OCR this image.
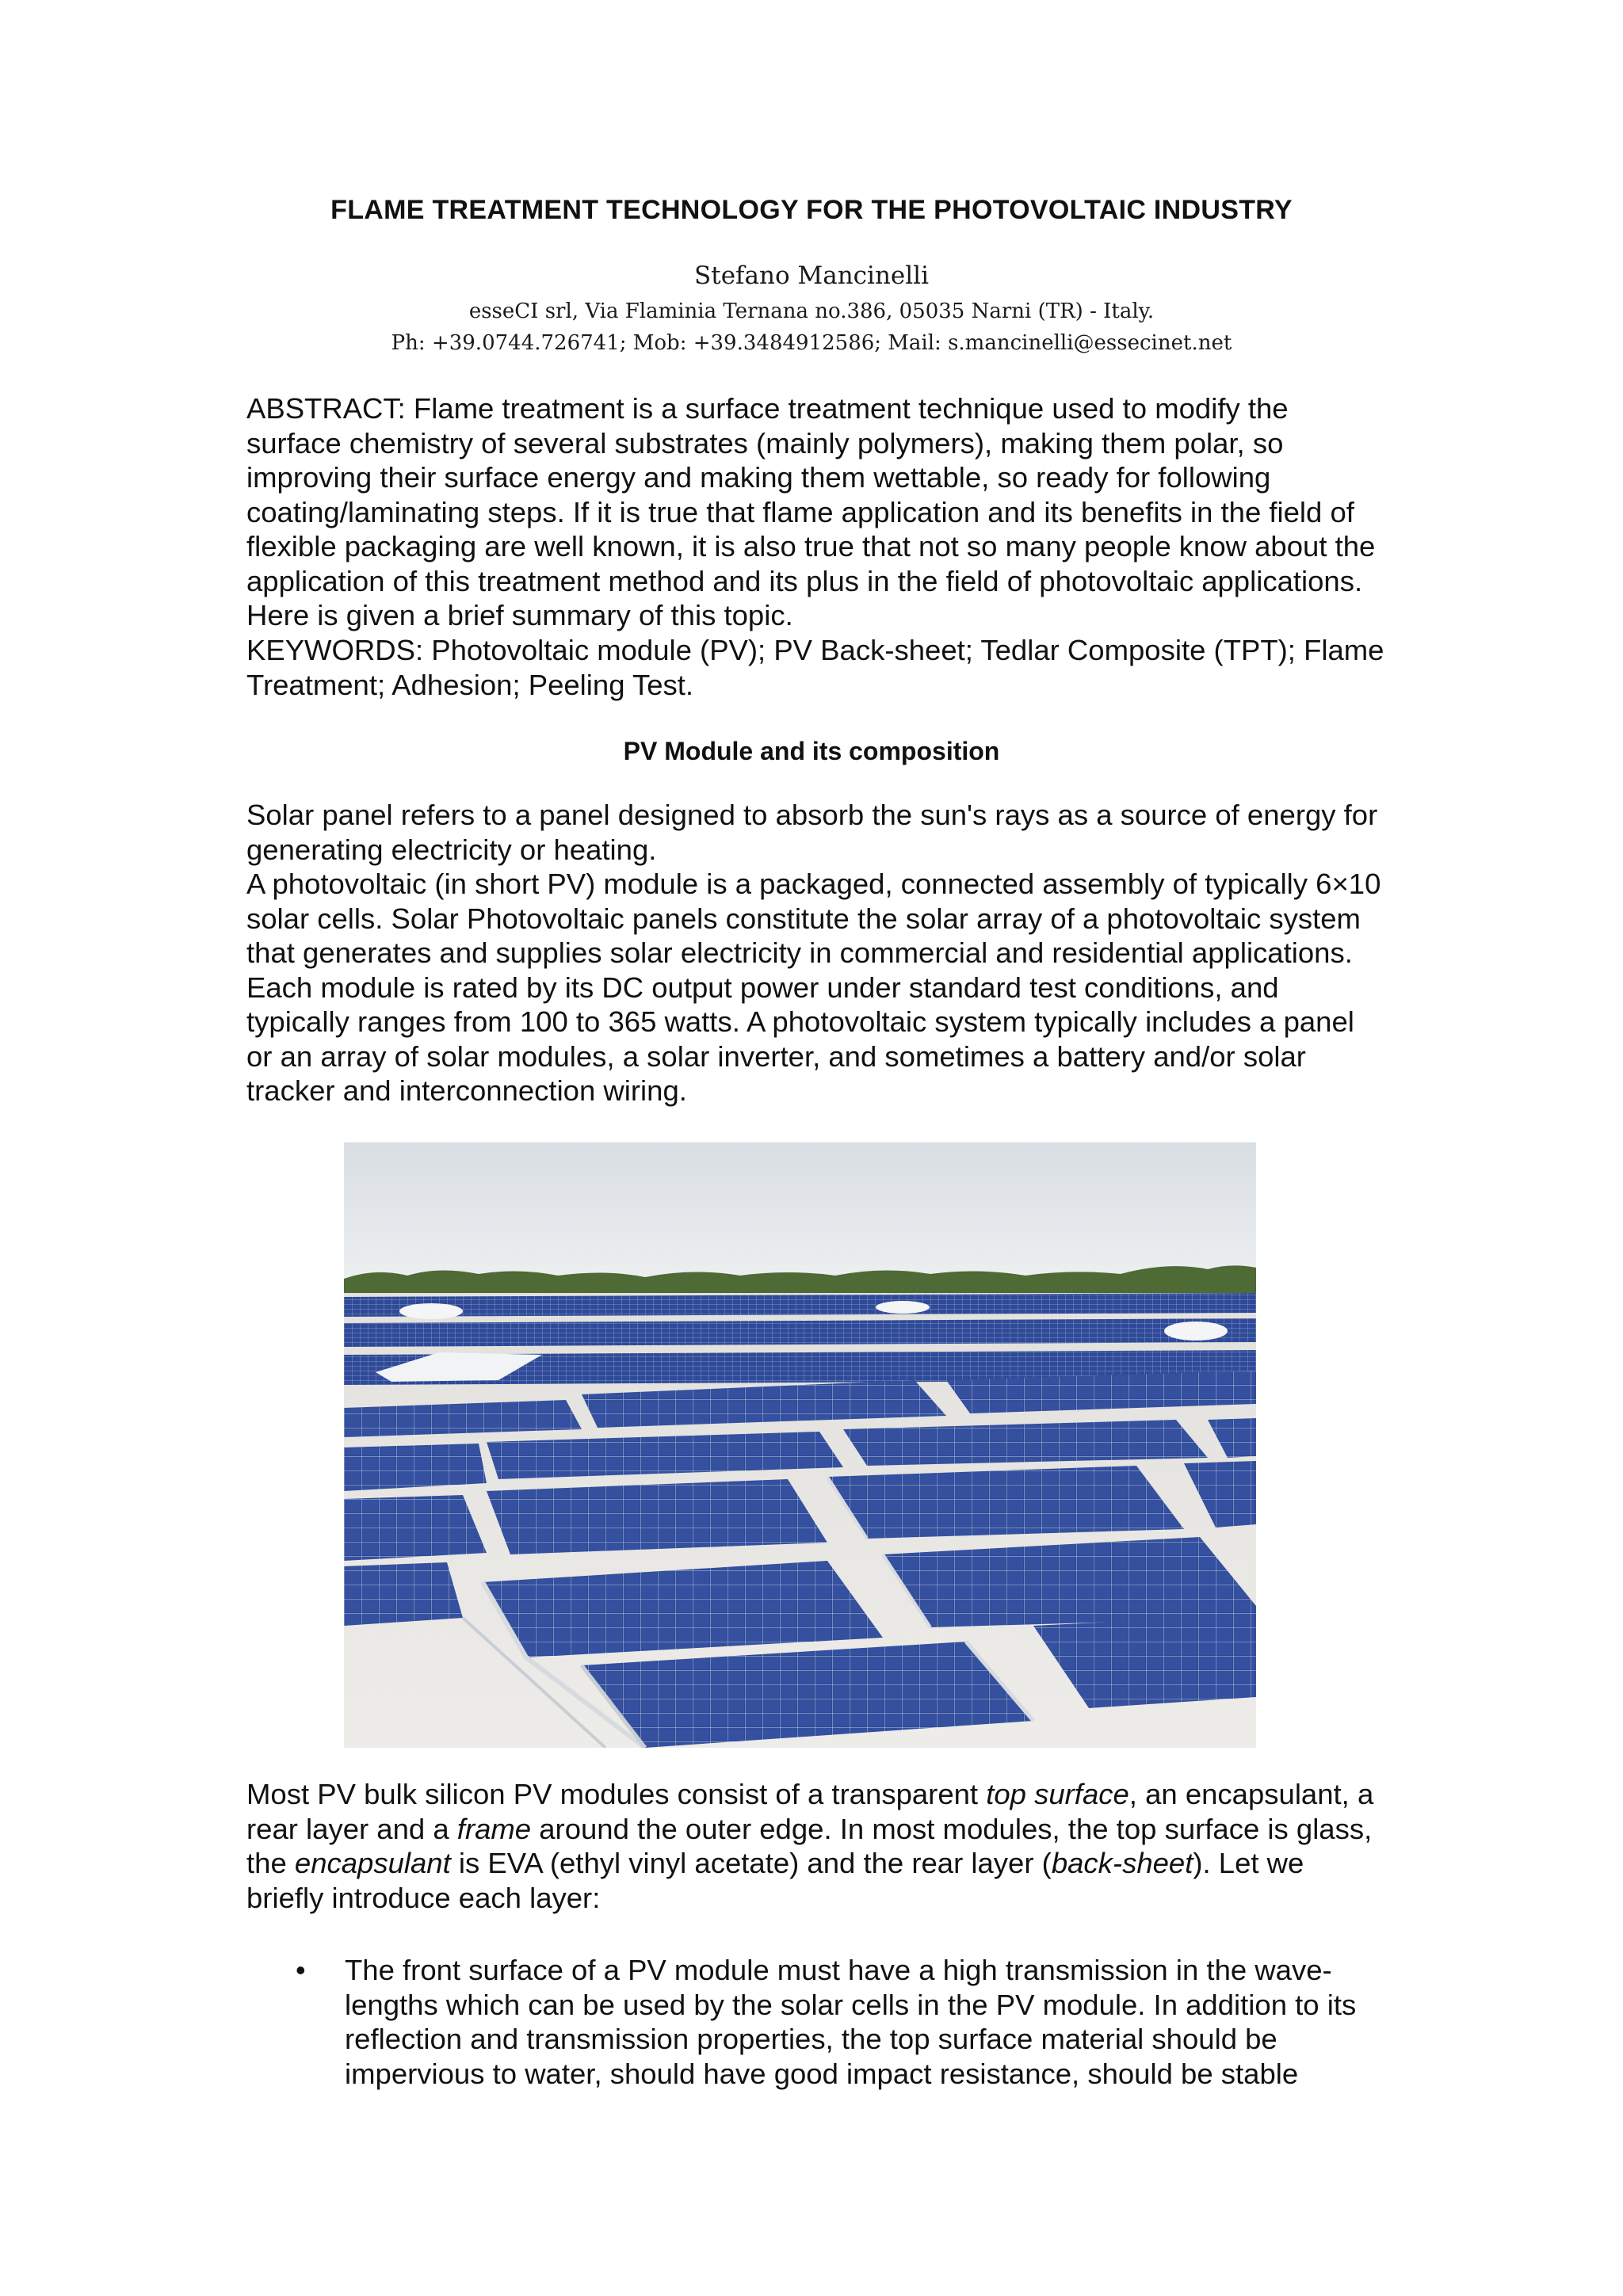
FLAME TREATMENT TECHNOLOGY FOR THE PHOTOVOLTAIC INDUSTRY
Stefano Mancinelli
esseCI srl, Via Flaminia Ternana no.386, 05035 Narni (TR) - Italy.
Ph: +39.0744.726741; Mob: +39.3484912586; Mail: s.mancinelli@essecinet.net

ABSTRACT: Flame treatment is a surface treatment technique used to modify the surface chemistry of several substrates (mainly polymers), making them polar, so improving their surface energy and making them wettable, so ready for following coating/laminating steps. If it is true that flame application and its benefits in the field of flexible packaging are well known, it is also true that not so many people know about the application of this treatment method and its plus in the field of photovoltaic applications. Here is given a brief summary of this topic.

KEYWORDS: Photovoltaic module (PV); PV Back-sheet; Tedlar Composite (TPT); Flame Treatment; Adhesion; Peeling Test.

PV Module and its composition

Solar panel refers to a panel designed to absorb the sun's rays as a source of energy for generating electricity or heating.

A photovoltaic (in short PV) module is a packaged, connected assembly of typically 6×10 solar cells. Solar Photovoltaic panels constitute the solar array of a photovoltaic system that generates and supplies solar electricity in commercial and residential applications. Each module is rated by its DC output power under standard test conditions, and typically ranges from 100 to 365 watts. A photovoltaic system typically includes a panel or an array of solar modules, a solar inverter, and sometimes a battery and/or solar tracker and interconnection wiring.

Most PV bulk silicon PV modules consist of a transparent top surface, an encapsulant, a rear layer and a frame around the outer edge. In most modules, the top surface is glass, the encapsulant is EVA (ethyl vinyl acetate) and the rear layer (back-sheet). Let we briefly introduce each layer:

• The front surface of a PV module must have a high transmission in the wave-lengths which can be used by the solar cells in the PV module. In addition to its reflection and transmission properties, the top surface material should be impervious to water, should have good impact resistance, should be stable
